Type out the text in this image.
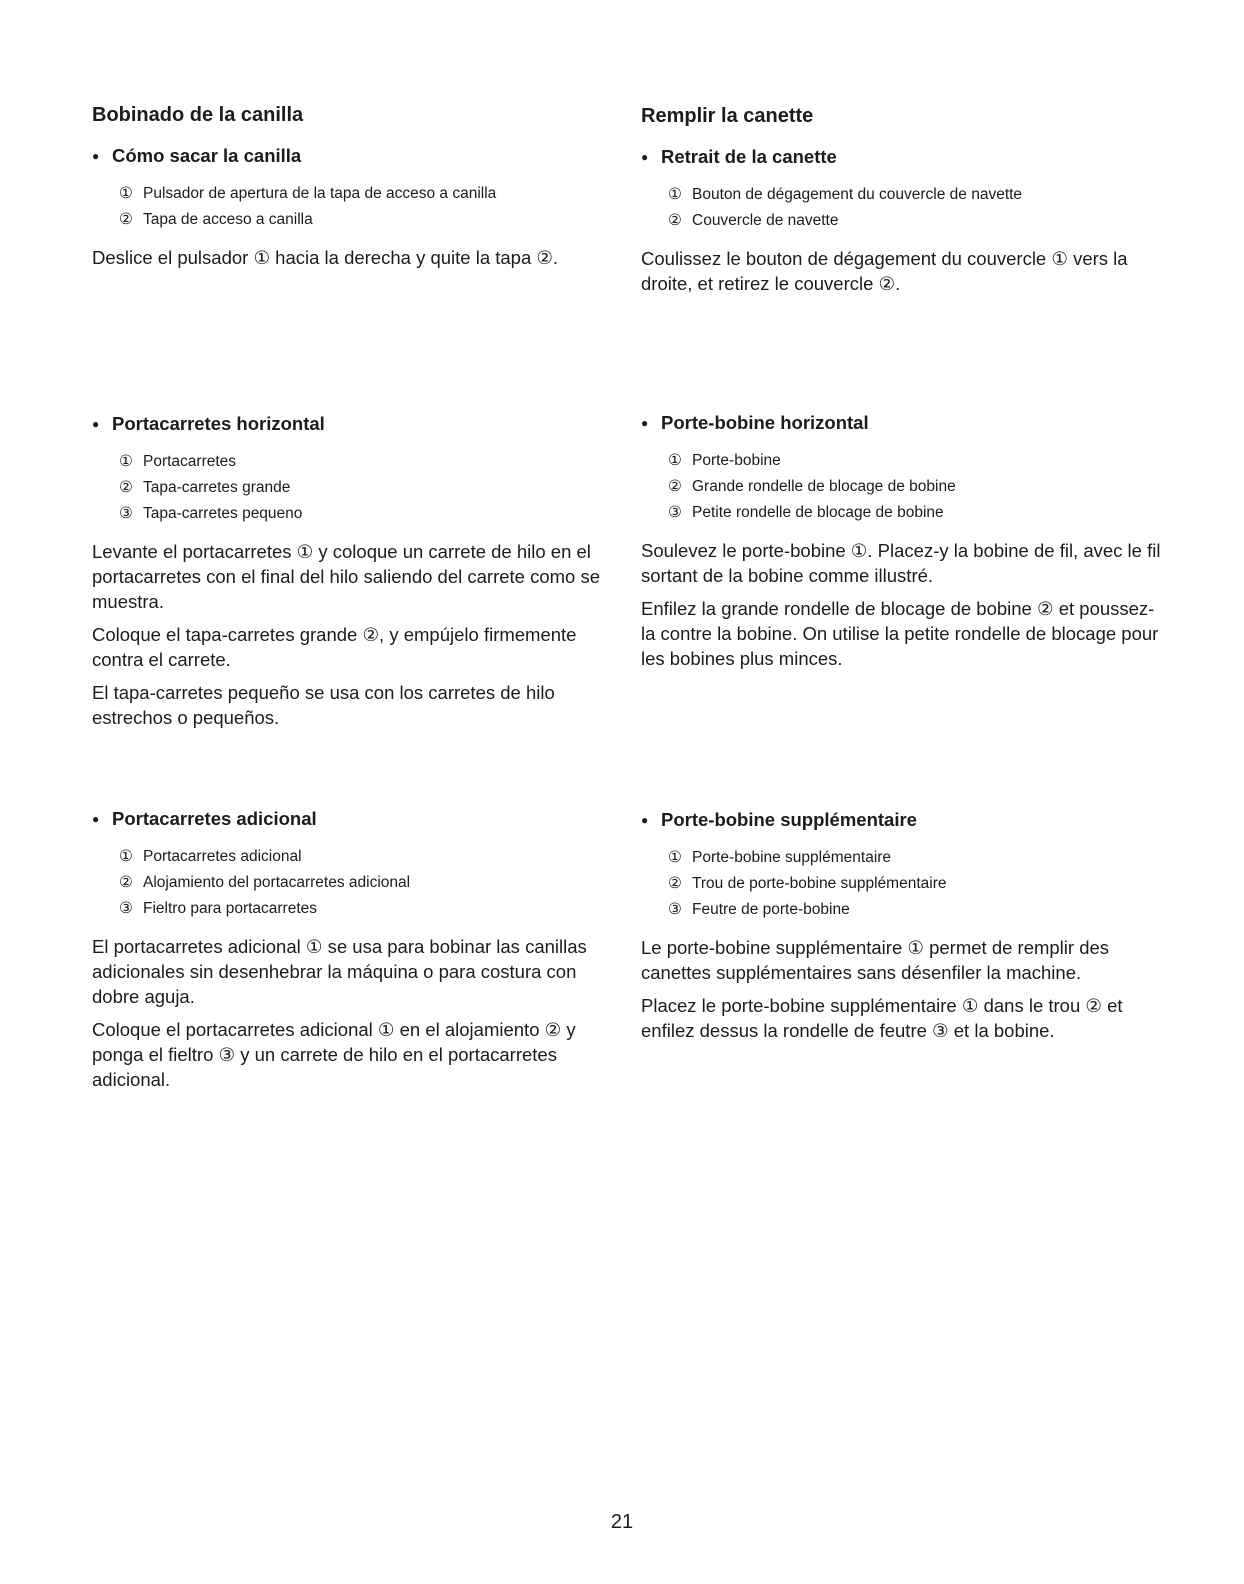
Bobinado de la canilla
● Cómo sacar la canilla
① Pulsador de apertura de la tapa de acceso a canilla
② Tapa de acceso a canilla

Deslice el pulsador ① hacia la derecha y quite la tapa ②.

● Portacarretes horizontal
① Portacarretes
② Tapa-carretes grande
③ Tapa-carretes pequeno

Levante el portacarretes ① y coloque un carrete de hilo en el portacarretes con el final del hilo saliendo del carrete como se muestra.

Coloque el tapa-carretes grande ②, y empújelo firmemente contra el carrete.

El tapa-carretes pequeño se usa con los carretes de hilo estrechos o pequeños.

● Portacarretes adicional
① Portacarretes adicional
② Alojamiento del portacarretes adicional
③ Fieltro para portacarretes

El portacarretes adicional ① se usa para bobinar las canillas adicionales sin desenhebrar la máquina o para costura con dobre aguja.

Coloque el portacarretes adicional ① en el alojamiento ② y ponga el fieltro ③ y un carrete de hilo en el portacarretes adicional.

Remplir la canette
● Retrait de la canette
① Bouton de dégagement du couvercle de navette
② Couvercle de navette

Coulissez le bouton de dégagement du couvercle ① vers la droite, et retirez le couvercle ②.

● Porte-bobine horizontal
① Porte-bobine
② Grande rondelle de blocage de bobine
③ Petite rondelle de blocage de bobine

Soulevez le porte-bobine ①. Placez-y la bobine de fil, avec le fil sortant de la bobine comme illustré.

Enfilez la grande rondelle de blocage de bobine ② et poussez-la contre la bobine. On utilise la petite rondelle de blocage pour les bobines plus minces.

● Porte-bobine supplémentaire
① Porte-bobine supplémentaire
② Trou de porte-bobine supplémentaire
③ Feutre de porte-bobine

Le porte-bobine supplémentaire ① permet de remplir des canettes supplémentaires sans désenfiler la machine.

Placez le porte-bobine supplémentaire ① dans le trou ② et enfilez dessus la rondelle de feutre ③ et la bobine.

21
